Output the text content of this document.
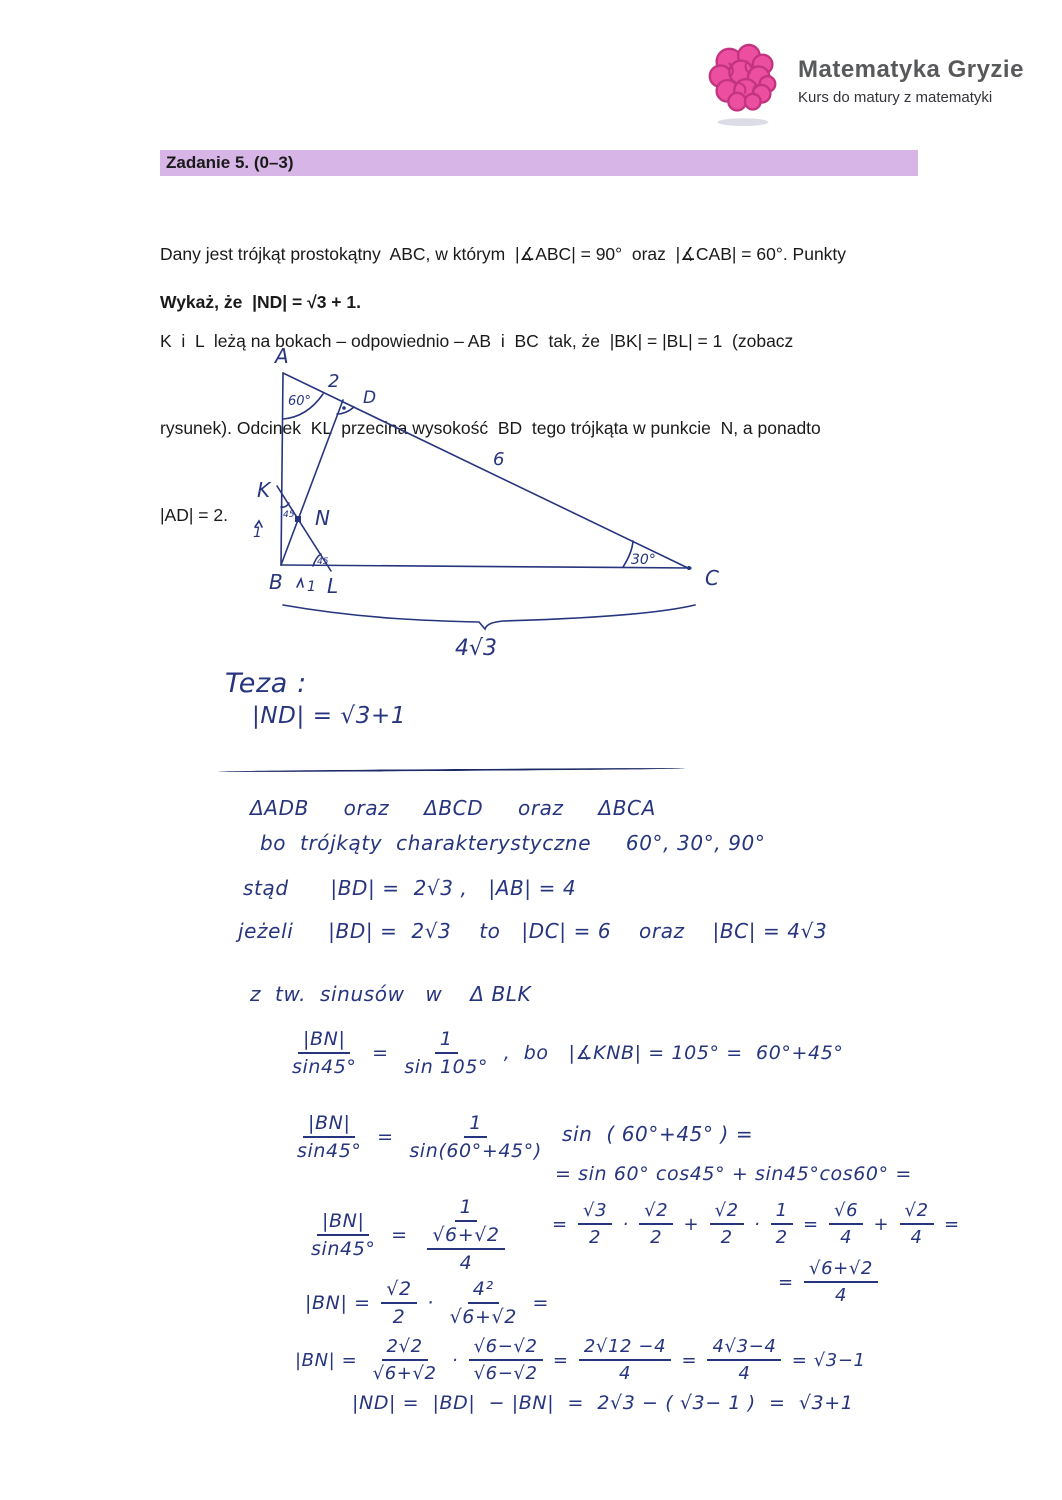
Matematyka Gryzie
Kurs do matury z matematyki
Zadanie 5. (0–3)

Dany jest trójkąt prostokątny  ABC, w którym  |∡ABC| = 90°  oraz  |∡CAB| = 60°. Punkty

K  i  L  leżą na bokach – odpowiednio – AB  i  BC  tak, że  |BK| = |BL| = 1  (zobacz

rysunek). Odcinek  KL  przecina wysokość  BD  tego trójkąta w punkcie  N, a ponadto

|AD| = 2.

Wykaż, że  |ND| = √3 + 1.
A
B	C
D
K
L
N
2
6
60°
30°
45
45
1
1
4√3
Teza :
|ND| = √3+1
ΔADB     oraz     ΔBCD     oraz     ΔBCA
bo  trójkąty  charakterystyczne     60°, 30°, 90°
stąd      |BD| =  2√3 ,   |AB| = 4
jeżeli     |BD| =  2√3    to   |DC| = 6    oraz    |BC| = 4√3
z  tw.  sinusów   w    Δ BLK
$\frac{|BN|}{\sin 45^\circ} = \frac{1}{\sin 105^\circ}$ ,  bo   |∡KNB| = 105° =  60°+45°
$\frac{|BN|}{\sin 45^\circ} = \frac{1}{\sin(60^\circ+45^\circ)}$ sin  ( 60°+45° ) =
= sin 60° cos45° + sin45°cos60° =
$\frac{|BN|}{\sin 45^\circ} = \frac{1}{\frac{√6+√2}{4}} = \frac{√3}{2} \cdot \frac{√2}{2} + \frac{√2}{2} \cdot \frac{1}{2} = \frac{√6}{4} + \frac{√2}{4}$ =
= $\frac{√6+√2}{4}$
$|BN| = \frac{√2}{2} \cdot \frac{\text{4²}}{√6+√2}$ =
$|BN| = \frac{2√2}{√6+√2} \cdot \frac{√6-√2}{√6-√2} = \frac{2√12 -4}{4} = \frac{4√3-4}{4} = √3-1$
|ND| =  |BD|  − |BN|  =  2√3 − ( √3− 1 )  =  √3+1
